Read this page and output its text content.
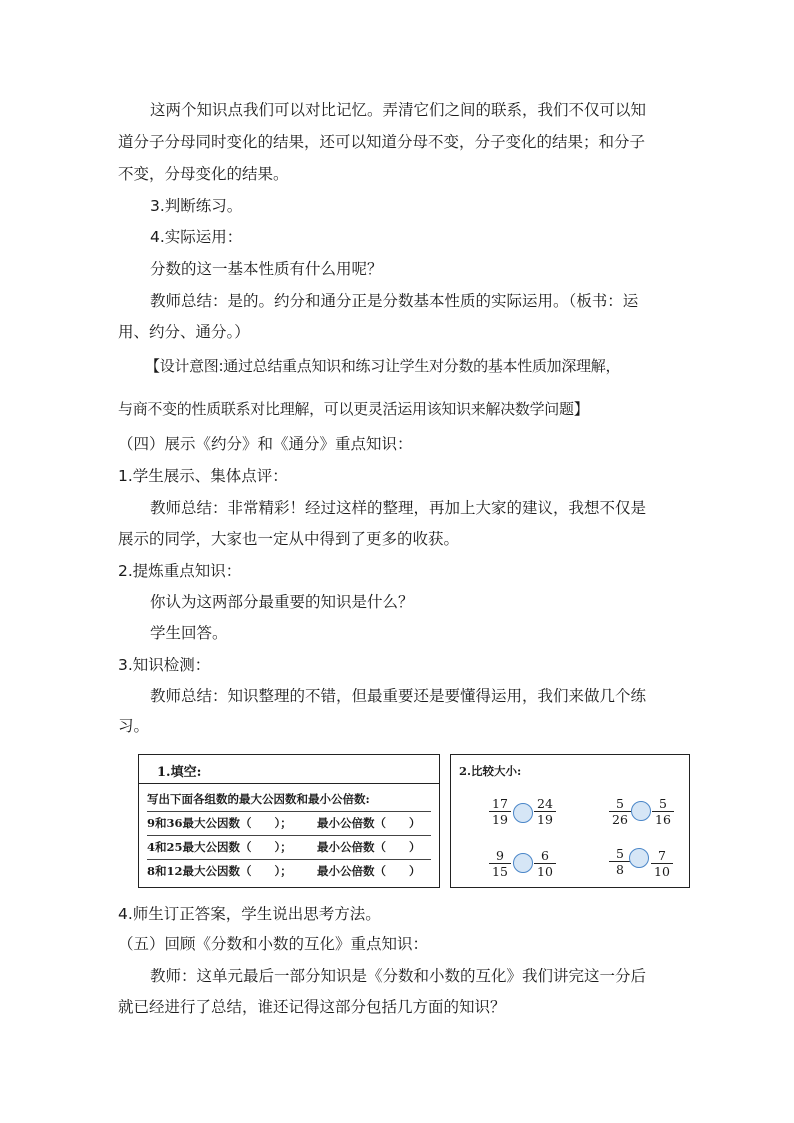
这两个知识点我们可以对比记忆。弄清它们之间的联系，我们不仅可以知
道分子分母同时变化的结果，还可以知道分母不变，分子变化的结果；和分子
不变，分母变化的结果。
3.判断练习。
4.实际运用：
分数的这一基本性质有什么用呢？
教师总结：是的。约分和通分正是分数基本性质的实际运用。（板书：运
用、约分、通分。）
【设计意图:通过总结重点知识和练习让学生对分数的基本性质加深理解，
与商不变的性质联系对比理解，可以更灵活运用该知识来解决数学问题】
（四）展示《约分》和《通分》重点知识：
1.学生展示、集体点评：
教师总结：非常精彩！经过这样的整理，再加上大家的建议，我想不仅是
展示的同学，大家也一定从中得到了更多的收获。
2.提炼重点知识：
你认为这两部分最重要的知识是什么？
学生回答。
3.知识检测：
教师总结：知识整理的不错，但最重要还是要懂得运用，我们来做几个练
习。
1.填空:
写出下面各组数的最大公因数和最小公倍数:
9和36最大公因数（　　）； 最小公倍数（　　）
4和25最大公因数（　　）； 最小公倍数（　　）
8和12最大公因数（　　）； 最小公倍数（　　）
2.比较大小:
17
19
24
19
5
26
5
16
9
15
6
10
5
8
7
10
4.师生订正答案，学生说出思考方法。
（五）回顾《分数和小数的互化》重点知识：
教师：这单元最后一部分知识是《分数和小数的互化》我们讲完这一分后
就已经进行了总结，谁还记得这部分包括几方面的知识？
